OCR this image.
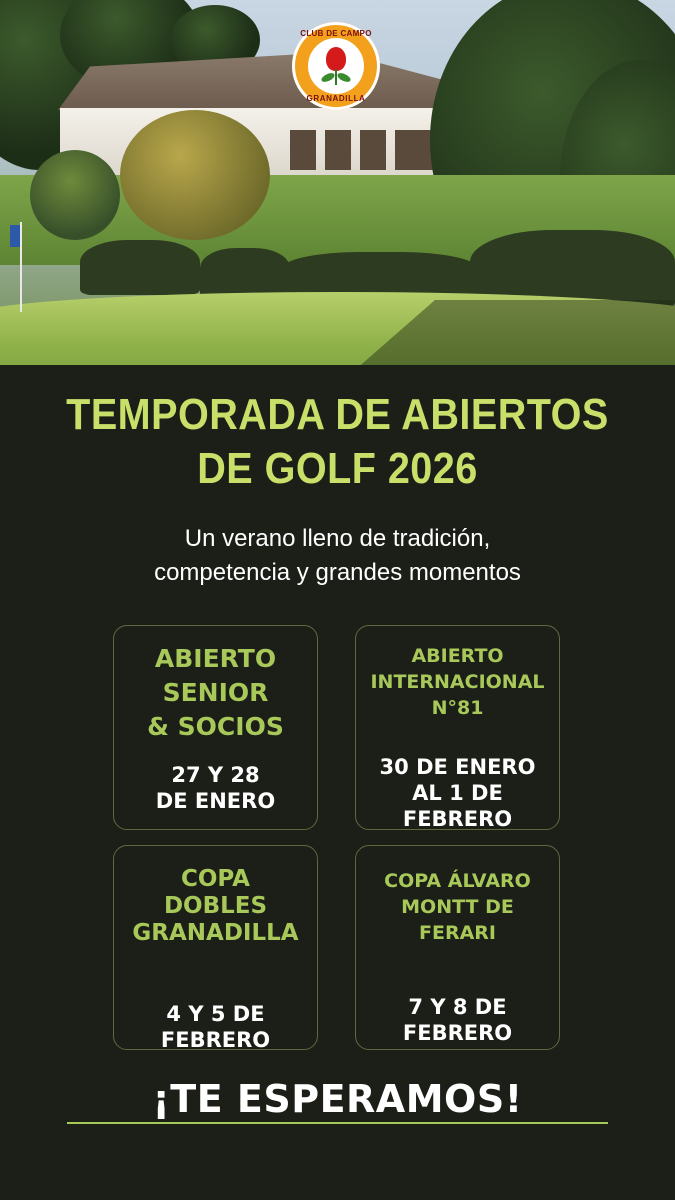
CLUB DE CAMPO
GRANADILLA
TEMPORADA DE ABIERTOS
DE GOLF 2026
Un verano lleno de tradición,
competencia y grandes momentos
ABIERTO
SENIOR
& SOCIOS
27 Y 28
DE ENERO
ABIERTO
INTERNACIONAL
N°81
30 DE ENERO
AL 1 DE
FEBRERO
COPA
DOBLES
GRANADILLA
4 Y 5 DE
FEBRERO
COPA ÁLVARO
MONTT DE
FERARI
7 Y 8 DE
FEBRERO
¡TE ESPERAMOS!
